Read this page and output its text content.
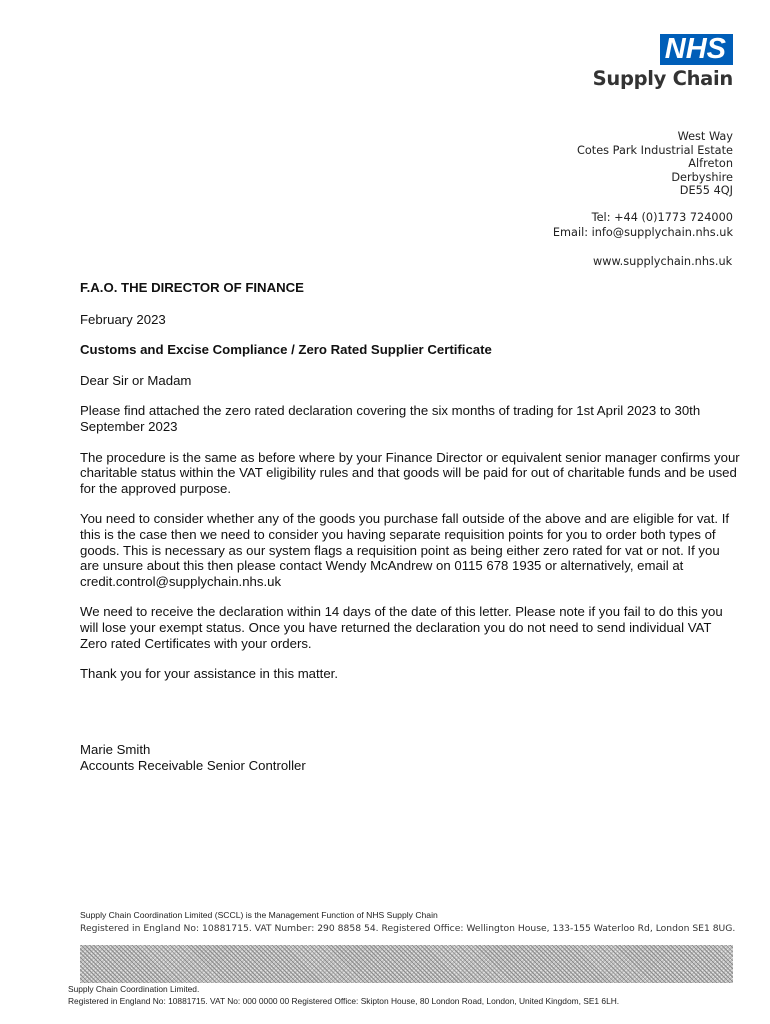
NHS
Supply Chain
West Way
Cotes Park Industrial Estate
Alfreton
Derbyshire
DE55 4QJ
Tel: +44 (0)1773 724000
Email: info@supplychain.nhs.uk
www.supplychain.nhs.uk

F.A.O. THE DIRECTOR OF FINANCE

February 2023

Customs and Excise Compliance / Zero Rated Supplier Certificate

Dear Sir or Madam

Please find attached the zero rated declaration covering the six months of trading for 1st April 2023 to 30th September 2023

The procedure is the same as before where by your Finance Director or equivalent senior manager confirms your charitable status within the VAT eligibility rules and that goods will be paid for out of charitable funds and be used for the approved purpose.

You need to consider whether any of the goods you purchase fall outside of the above and are eligible for vat. If this is the case then we need to consider you having separate requisition points for you to order both types of goods. This is necessary as our system flags a requisition point as being either zero rated for vat or not. If you are unsure about this then please contact Wendy McAndrew on 0115 678 1935 or alternatively, email at credit.control@supplychain.nhs.uk

We need to receive the declaration within 14 days of the date of this letter. Please note if you fail to do this you will lose your exempt status. Once you have returned the declaration you do not need to send individual VAT Zero rated Certificates with your orders.

Thank you for your assistance in this matter.

Marie Smith
Accounts Receivable Senior Controller
Supply Chain Coordination Limited (SCCL) is the Management Function of NHS Supply Chain
Registered in England No: 10881715. VAT Number: 290 8858 54. Registered Office: Wellington House, 133-155 Waterloo Rd, London SE1 8UG.
Supply Chain Coordination Limited.
Registered in England No: 10881715. VAT No: 000 0000 00 Registered Office: Skipton House, 80 London Road, London, United Kingdom, SE1 6LH.
